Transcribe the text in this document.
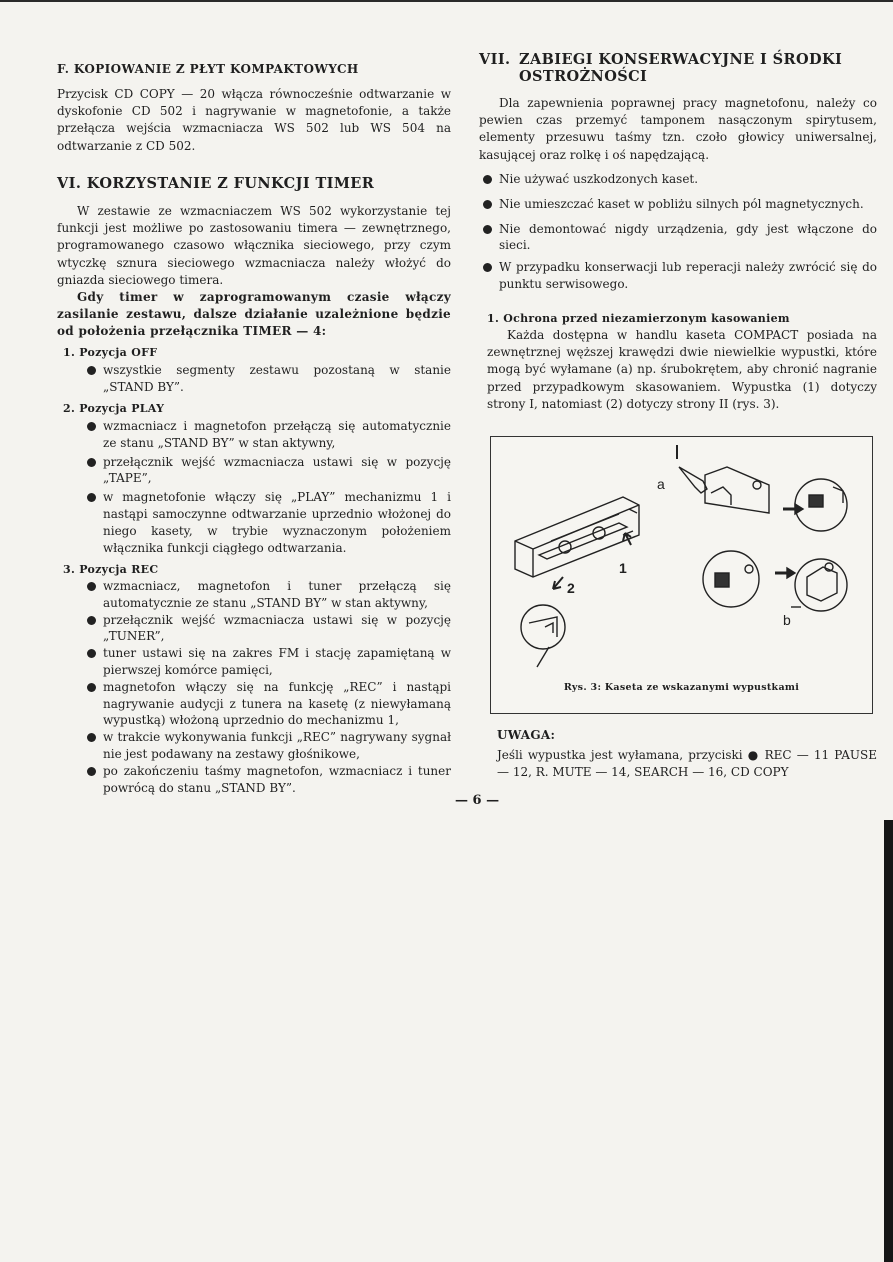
F. KOPIOWANIE Z PŁYT KOMPAKTOWYCH

Przycisk CD COPY — 20 włącza równocześnie odtwarzanie w dyskofonie CD 502 i nagrywanie w magnetofonie, a także przełącza wejścia wzmacniacza WS 502 lub WS 504 na odtwarzanie z CD 502.

VI. KORZYSTANIE Z FUNKCJI TIMER

W zestawie ze wzmacniaczem WS 502 wykorzystanie tej funkcji jest możliwe po zastosowaniu timera — zewnętrznego, programowanego czasowo włącznika sieciowego, przy czym wtyczkę sznura sieciowego wzmacniacza należy włożyć do gniazda sieciowego timera.

Gdy timer w zaprogramowanym czasie włączy zasilanie zestawu, dalsze działanie uzależnione będzie od położenia przełącznika TIMER — 4:

1. Pozycja OFF

wszystkie segmenty zestawu pozostaną w stanie „STAND BY”.

2. Pozycja PLAY

wzmacniacz i magnetofon przełączą się automatycznie ze stanu „STAND BY” w stan aktywny,
przełącznik wejść wzmacniacza ustawi się w pozycję „TAPE”,
w magnetofonie włączy się „PLAY” mechanizmu 1 i nastąpi samoczynne odtwarzanie uprzednio włożonej do niego kasety, w trybie wyznaczonym położeniem włącznika funkcji ciągłego odtwarzania.

3. Pozycja REC

wzmacniacz, magnetofon i tuner przełączą się automatycznie ze stanu „STAND BY” w stan aktywny,
przełącznik wejść wzmacniacza ustawi się w pozycję „TUNER”,
tuner ustawi się na zakres FM i stację zapamiętaną w pierwszej komórce pamięci,
magnetofon włączy się na funkcję „REC” i nastąpi nagrywanie audycji z tunera na kasetę (z niewyłamaną wypustką) włożoną uprzednio do mechanizmu 1,
w trakcie wykonywania funkcji „REC” nagrywany sygnał nie jest podawany na zestawy głośnikowe,
po zakończeniu taśmy magnetofon, wzmacniacz i tuner powrócą do stanu „STAND BY”.
VII. ZABIEGI KONSERWACYJNE I ŚRODKI
OSTROŻNOŚCI

Dla zapewnienia poprawnej pracy magnetofonu, należy co pewien czas przemyć tamponem nasączonym spirytusem, elementy przesuwu taśmy tzn. czoło głowicy uniwersalnej, kasującej oraz rolkę i oś napędzającą.

Nie używać uszkodzonych kaset.
Nie umieszczać kaset w pobliżu silnych pól magnetycznych.
Nie demontować nigdy urządzenia, gdy jest włączone do sieci.
W przypadku konserwacji lub reperacji należy zwrócić się do punktu serwisowego.

1. Ochrona przed niezamierzonym kasowaniem

Każda dostępna w handlu kaseta COMPACT posiada na zewnętrznej węższej krawędzi dwie niewielkie wypustki, które mogą być wyłamane (a) np. śrubokrętem, aby chronić nagranie przed przypadkowym skasowaniem. Wypustka (1) dotyczy strony I, natomiast (2) dotyczy strony II (rys. 3).

a
b
1
2
Rys. 3: Kaseta ze wskazanymi wypustkami

UWAGA:

Jeśli wypustka jest wyłamana, przyciski ● REC — 11 PAUSE — 12, R. MUTE — 14, SEARCH — 16, CD COPY

— 6 —
